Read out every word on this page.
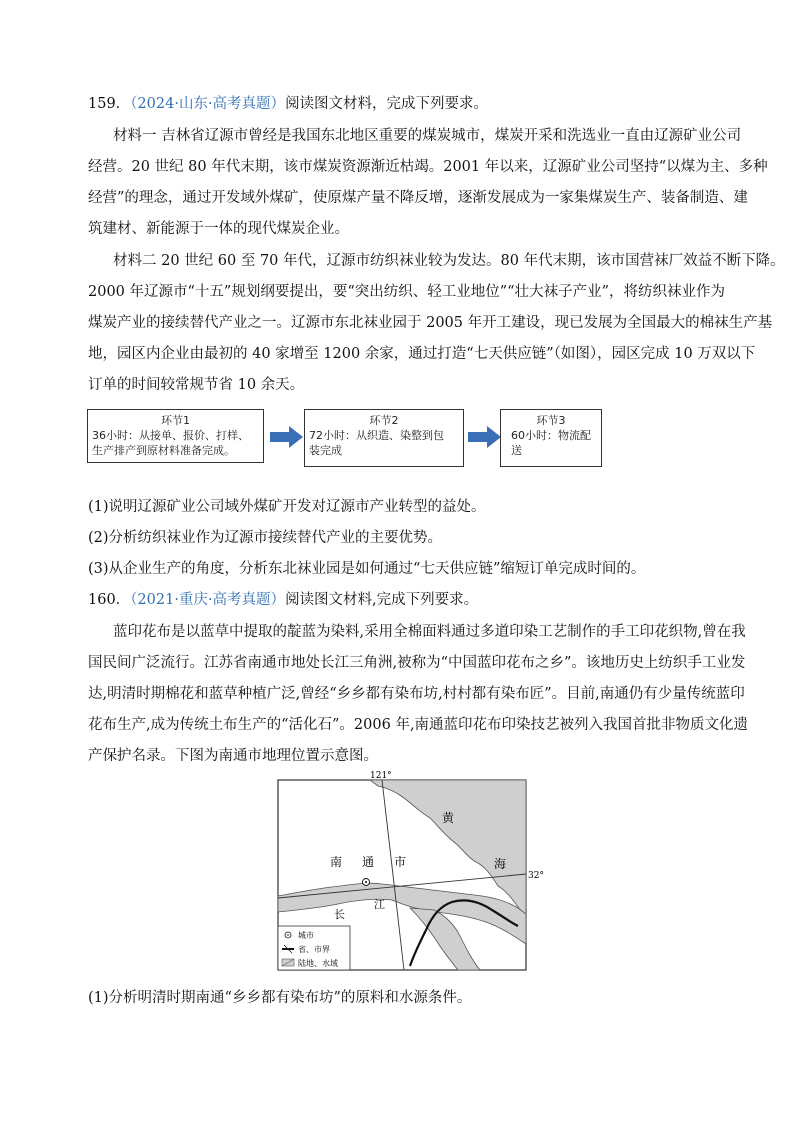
159．（2024·山东·高考真题）阅读图文材料，完成下列要求。
材料一 吉林省辽源市曾经是我国东北地区重要的煤炭城市，煤炭开采和洗选业一直由辽源矿业公司
经营。20 世纪 80 年代末期，该市煤炭资源渐近枯竭。2001 年以来，辽源矿业公司坚持“以煤为主、多种
经营”的理念，通过开发域外煤矿，使原煤产量不降反增，逐渐发展成为一家集煤炭生产、装备制造、建
筑建材、新能源于一体的现代煤炭企业。
材料二 20 世纪 60 至 70 年代，辽源市纺织袜业较为发达。80 年代末期，该市国营袜厂效益不断下降。
2000 年辽源市“十五”规划纲要提出，要“突出纺织、轻工业地位”“壮大袜子产业”，将纺织袜业作为
煤炭产业的接续替代产业之一。辽源市东北袜业园于 2005 年开工建设，现已发展为全国最大的棉袜生产基
地，园区内企业由最初的 40 家增至 1200 余家，通过打造“七天供应链”（如图），园区完成 10 万双以下
订单的时间较常规节省 10 余天。
环节1
36小时：从接单、报价、打样、
生产排产到原材料准备完成。
环节2
72小时：从织造、染整到包
装完成
环节3
60小时：物流配
送
(1)说明辽源矿业公司域外煤矿开发对辽源市产业转型的益处。
(2)分析纺织袜业作为辽源市接续替代产业的主要优势。
(3)从企业生产的角度，分析东北袜业园是如何通过“七天供应链”缩短订单完成时间的。
160．（2021·重庆·高考真题）阅读图文材料,完成下列要求。
蓝印花布是以蓝草中提取的靛蓝为染料,采用全棉面料通过多道印染工艺制作的手工印花织物,曾在我
国民间广泛流行。江苏省南通市地处长江三角洲,被称为“中国蓝印花布之乡”。该地历史上纺织手工业发
达,明清时期棉花和蓝草种植广泛,曾经“乡乡都有染布坊,村村都有染布匠”。目前,南通仍有少量传统蓝印
花布生产,成为传统土布生产的“活化石”。2006 年,南通蓝印花布印染技艺被列入我国首批非物质文化遗
产保护名录。下图为南通市地理位置示意图。
121°
32°
黄
海
南 通 市
长
江
城市
省、市界
陆地、水域
(1)分析明清时期南通“乡乡都有染布坊”的原料和水源条件。
